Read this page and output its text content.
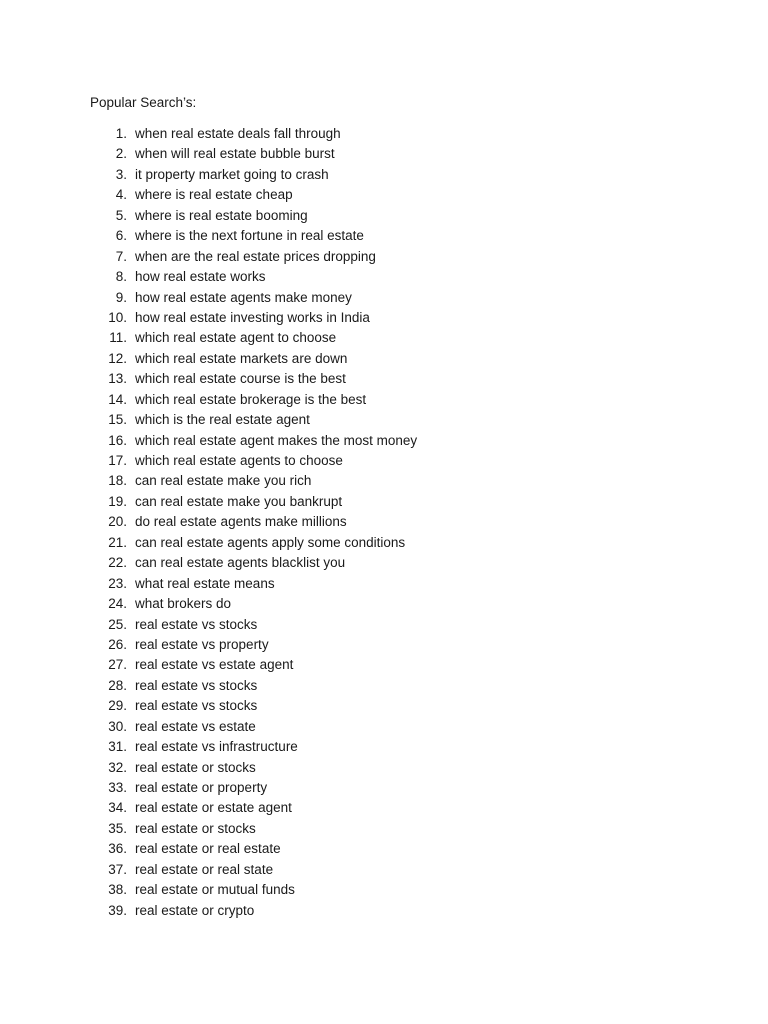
Popular Search’s:
1. when real estate deals fall through
2. when will real estate bubble burst
3. it property market going to crash
4. where is real estate cheap
5. where is real estate booming
6. where is the next fortune in real estate
7. when are the real estate prices dropping
8. how real estate works
9. how real estate agents make money
10. how real estate investing works in India
11. which real estate agent to choose
12. which real estate markets are down
13. which real estate course is the best
14. which real estate brokerage is the best
15. which is the real estate agent
16. which real estate agent makes the most money
17. which real estate agents to choose
18. can real estate make you rich
19. can real estate make you bankrupt
20. do real estate agents make millions
21. can real estate agents apply some conditions
22. can real estate agents blacklist you
23. what real estate means
24. what brokers do
25. real estate vs stocks
26. real estate vs property
27. real estate vs estate agent
28. real estate vs stocks
29. real estate vs stocks
30. real estate vs estate
31. real estate vs infrastructure
32. real estate or stocks
33. real estate or property
34. real estate or estate agent
35. real estate or stocks
36. real estate or real estate
37. real estate or real state
38. real estate or mutual funds
39. real estate or crypto
